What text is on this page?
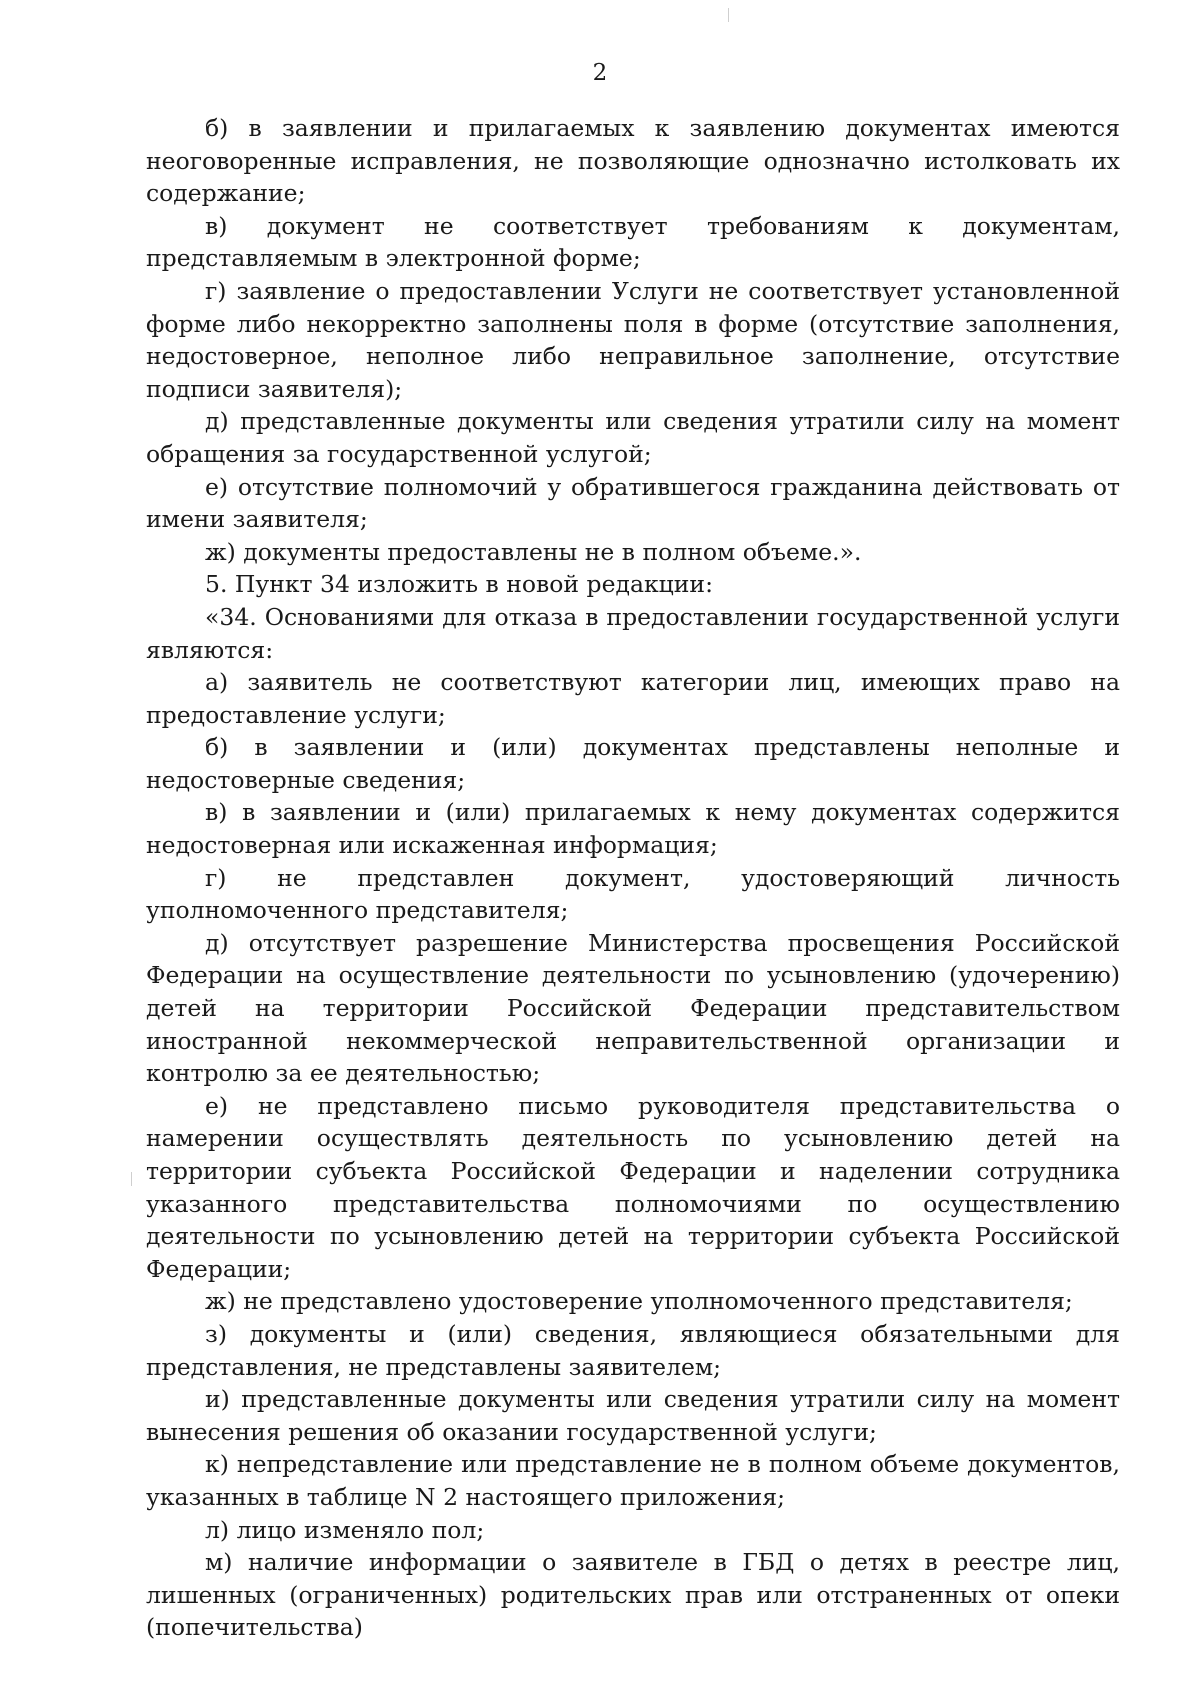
2

б) в заявлении и прилагаемых к заявлению документах имеются неоговоренные исправления, не позволяющие однозначно истолковать их содержание;

в) документ не соответствует требованиям к документам, представляемым в электронной форме;

г) заявление о предоставлении Услуги не соответствует установленной форме либо некорректно заполнены поля в форме (отсутствие заполнения, недостоверное, неполное либо неправильное заполнение, отсутствие подписи заявителя);

д) представленные документы или сведения утратили силу на момент обращения за государственной услугой;

е) отсутствие полномочий у обратившегося гражданина действовать от имени заявителя;

ж) документы предоставлены не в полном объеме.».

5. Пункт 34 изложить в новой редакции:

«34. Основаниями для отказа в предоставлении государственной услуги являются:

а) заявитель не соответствуют категории лиц, имеющих право на предоставление услуги;

б) в заявлении и (или) документах представлены неполные и недостоверные сведения;

в) в заявлении и (или) прилагаемых к нему документах содержится недостоверная или искаженная информация;

г) не представлен документ, удостоверяющий личность уполномоченного представителя;

д) отсутствует разрешение Министерства просвещения Российской Федерации на осуществление деятельности по усыновлению (удочерению) детей на территории Российской Федерации представительством иностранной некоммерческой неправительственной организации и контролю за ее деятельностью;

е) не представлено письмо руководителя представительства о намерении осуществлять деятельность по усыновлению детей на территории субъекта Российской Федерации и наделении сотрудника указанного представительства полномочиями по осуществлению деятельности по усыновлению детей на территории субъекта Российской Федерации;

ж) не представлено удостоверение уполномоченного представителя;

з) документы и (или) сведения, являющиеся обязательными для представления, не представлены заявителем;

и) представленные документы или сведения утратили силу на момент вынесения решения об оказании государственной услуги;

к) непредставление или представление не в полном объеме документов, указанных в таблице N 2 настоящего приложения;

л) лицо изменяло пол;

м) наличие информации о заявителе в ГБД о детях в реестре лиц, лишенных (ограниченных) родительских прав или отстраненных от опеки (попечительства)
